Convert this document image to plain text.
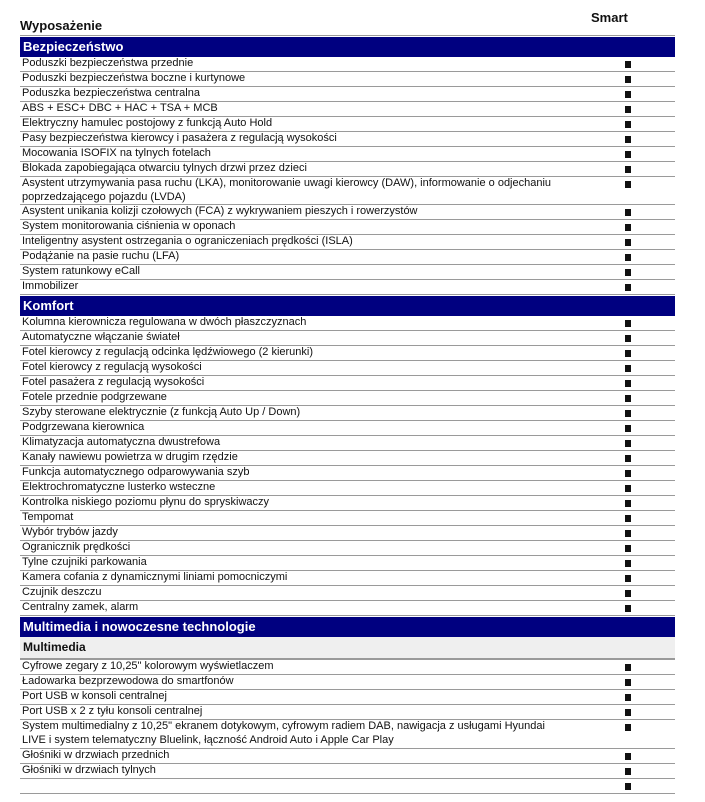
Wyposażenie
Smart
Bezpieczeństwo
Poduszki bezpieczeństwa przednie
Poduszki bezpieczeństwa boczne i kurtynowe
Poduszka bezpieczeństwa centralna
ABS + ESC+ DBC + HAC + TSA + MCB
Elektryczny hamulec postojowy z funkcją Auto Hold
Pasy bezpieczeństwa kierowcy i pasażera z regulacją wysokości
Mocowania ISOFIX na tylnych fotelach
Blokada zapobiegająca otwarciu tylnych drzwi przez dzieci
Asystent utrzymywania pasa ruchu (LKA), monitorowanie uwagi kierowcy (DAW), informowanie o odjechaniu poprzedzającego pojazdu (LVDA)
Asystent unikania kolizji czołowych (FCA) z wykrywaniem pieszych i rowerzystów
System monitorowania ciśnienia w oponach
Inteligentny asystent ostrzegania o ograniczeniach prędkości (ISLA)
Podążanie na pasie ruchu (LFA)
System ratunkowy eCall
Immobilizer
Komfort
Kolumna kierownicza regulowana w dwóch płaszczyznach
Automatyczne włączanie świateł
Fotel kierowcy z regulacją odcinka lędźwiowego (2 kierunki)
Fotel kierowcy z regulacją wysokości
Fotel pasażera z regulacją wysokości
Fotele przednie podgrzewane
Szyby sterowane elektrycznie (z funkcją Auto Up / Down)
Podgrzewana kierownica
Klimatyzacja automatyczna dwustrefowa
Kanały nawiewu powietrza w drugim rzędzie
Funkcja automatycznego odparowywania szyb
Elektrochromatyczne lusterko wsteczne
Kontrolka niskiego poziomu płynu do spryskiwaczy
Tempomat
Wybór trybów jazdy
Ogranicznik prędkości
Tylne czujniki parkowania
Kamera cofania z dynamicznymi liniami pomocniczymi
Czujnik deszczu
Centralny zamek, alarm
Multimedia i nowoczesne technologie
Multimedia
Cyfrowe zegary z 10,25" kolorowym wyświetlaczem
Ładowarka bezprzewodowa do smartfonów
Port USB w konsoli centralnej
Port USB x 2 z tyłu konsoli centralnej
System multimedialny z 10,25" ekranem dotykowym, cyfrowym radiem DAB, nawigacja z usługami Hyundai LIVE i system telematyczny Bluelink, łączność Android Auto i Apple Car Play
Głośniki w drzwiach przednich
Głośniki w drzwiach tylnych
